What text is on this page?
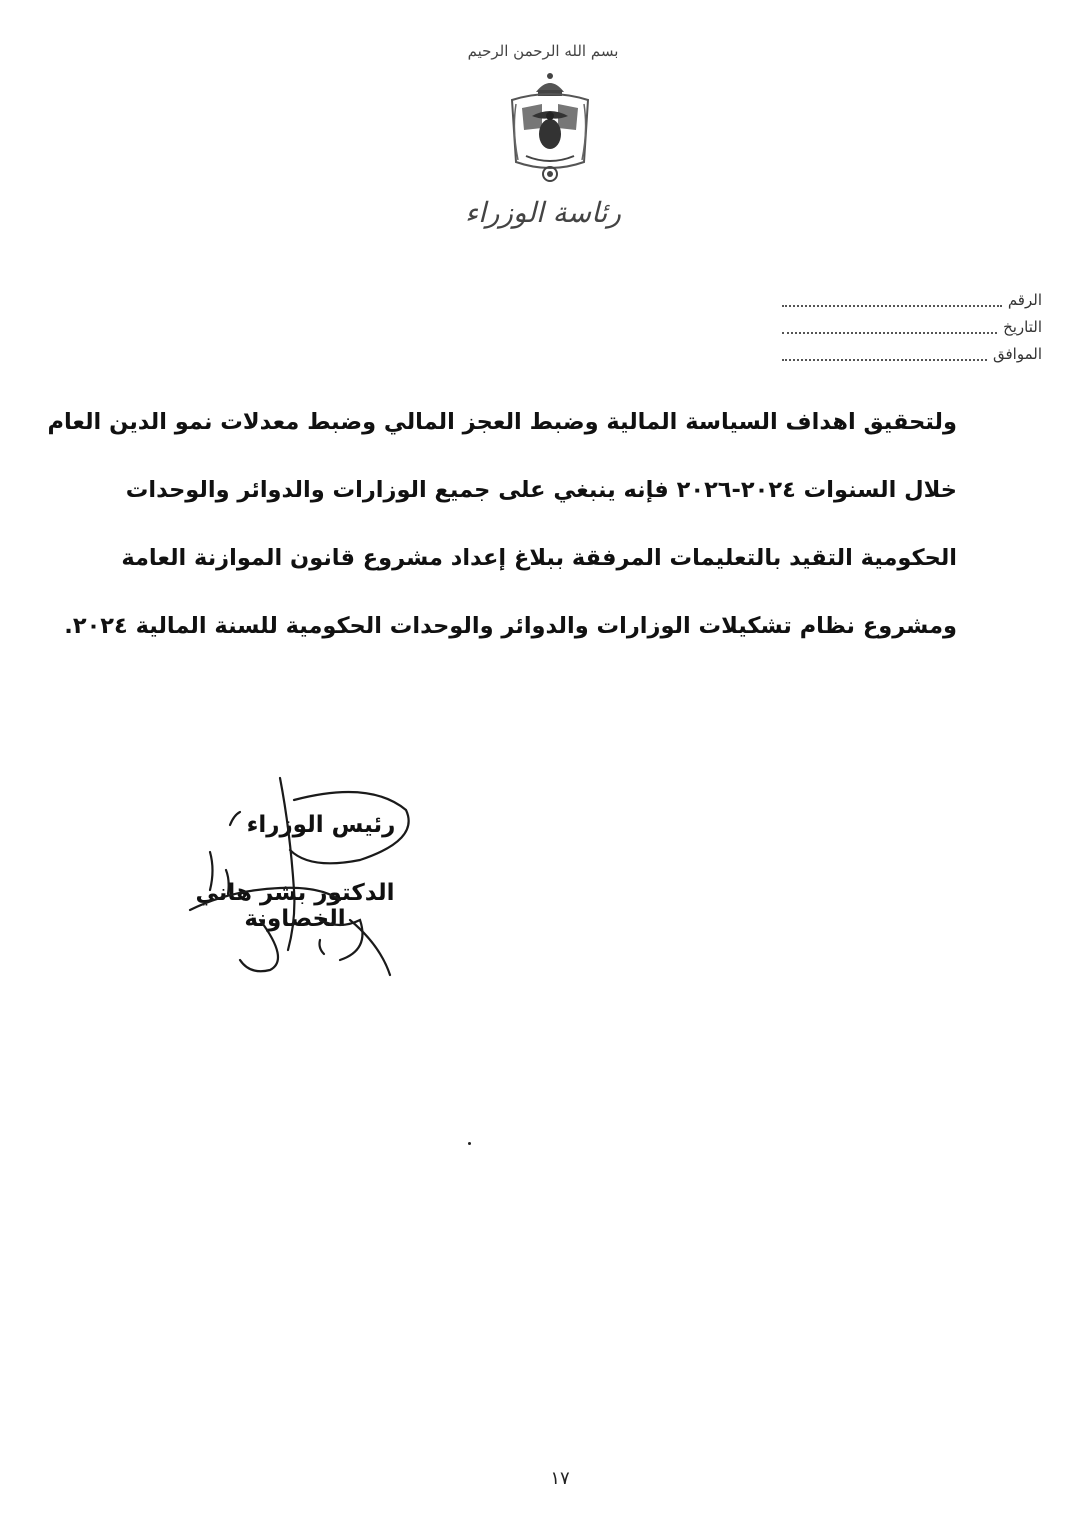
بسم الله الرحمن الرحيم
رئاسة الوزراء
الرقم
التاريخ
الموافق
ولتحقيق اهداف السياسة المالية وضبط العجز المالي وضبط معدلات نمو الدين العام
خلال السنوات ٢٠٢٤-٢٠٢٦ فإنه ينبغي على جميع الوزارات والدوائر والوحدات
الحكومية التقيد بالتعليمات المرفقة ببلاغ إعداد مشروع قانون الموازنة العامة
ومشروع نظام تشكيلات الوزارات والدوائر والوحدات الحكومية للسنة المالية ٢٠٢٤.
رئيس الوزراء
الدكتور بشر هاني الخصاونة
١٧
